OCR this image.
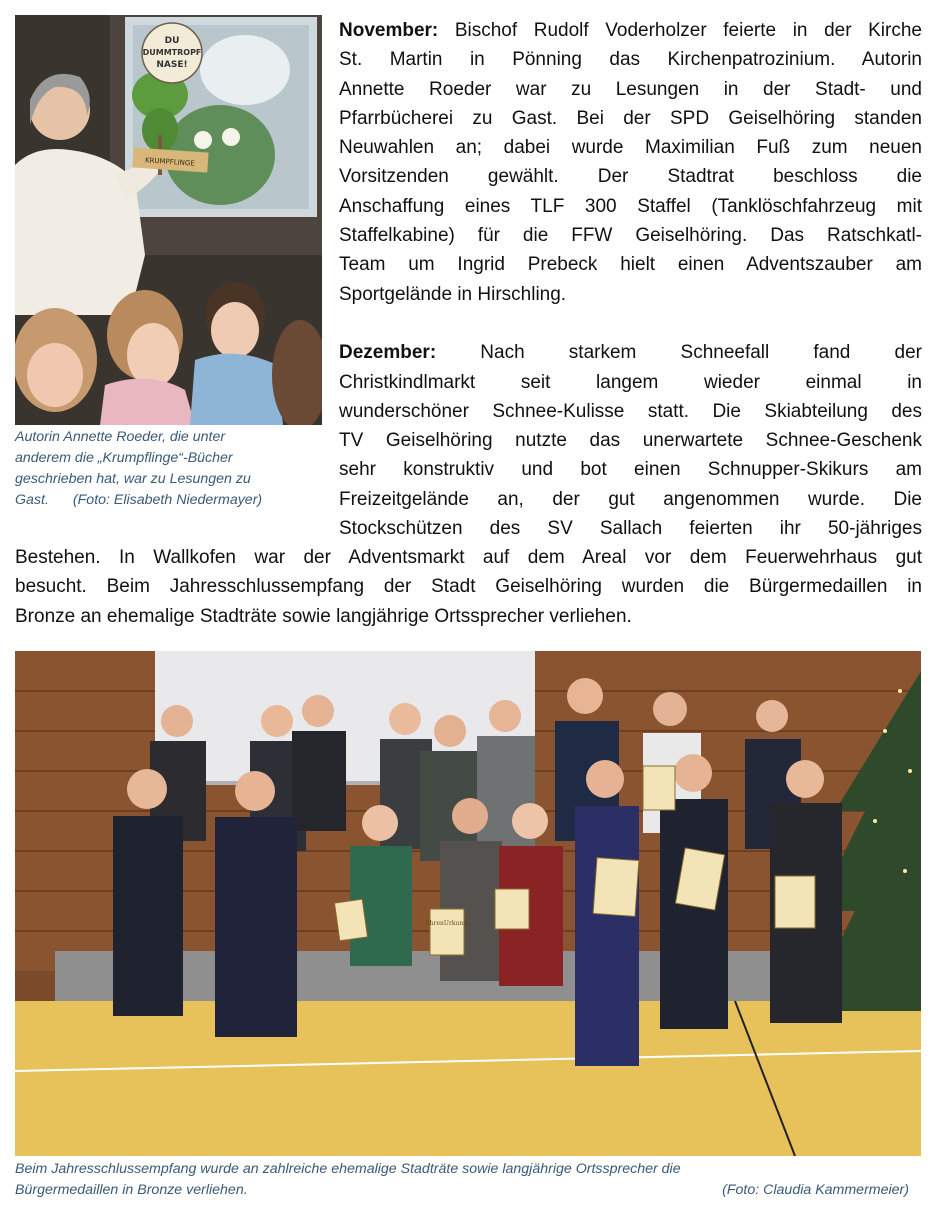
DU
DUMMTROPF
NASE!
KRUMPFLINGE
Autorin Annette Roeder, die unter
anderem die „Krumpflinge“-Bücher
geschrieben hat, war zu Lesungen zu
Gast. (Foto: Elisabeth Niedermayer)
November: Bischof Rudolf Voderholzer feierte in der Kirche
St. Martin in Pönning das Kirchenpatrozinium. Autorin
Annette Roeder war zu Lesungen in der Stadt- und
Pfarrbücherei zu Gast. Bei der SPD Geiselhöring standen
Neuwahlen an; dabei wurde Maximilian Fuß zum neuen
Vorsitzenden gewählt. Der Stadtrat beschloss die
Anschaffung eines TLF 300 Staffel (Tanklöschfahrzeug mit
Staffelkabine) für die FFW Geiselhöring. Das Ratschkatl-
Team um Ingrid Prebeck hielt einen Adventszauber am
Sportgelände in Hirschling.
Dezember: Nach starkem Schneefall fand der
Christkindlmarkt seit langem wieder einmal in
wunderschöner Schnee-Kulisse statt. Die Skiabteilung des
TV Geiselhöring nutzte das unerwartete Schnee-Geschenk
sehr konstruktiv und bot einen Schnupper-Skikurs am
Freizeitgelände an, der gut angenommen wurde. Die
Stockschützen des SV Sallach feierten ihr 50-jähriges
Bestehen. In Wallkofen war der Adventsmarkt auf dem Areal vor dem Feuerwehrhaus gut
besucht. Beim Jahresschlussempfang der Stadt Geiselhöring wurden die Bürgermedaillen in
Bronze an ehemalige Stadträte sowie langjährige Ortssprecher verliehen.
EhrenUrkunde
Beim Jahresschlussempfang wurde an zahlreiche ehemalige Stadträte sowie langjährige Ortssprecher die
Bürgermedaillen in Bronze verliehen.	(Foto: Claudia Kammermeier)
